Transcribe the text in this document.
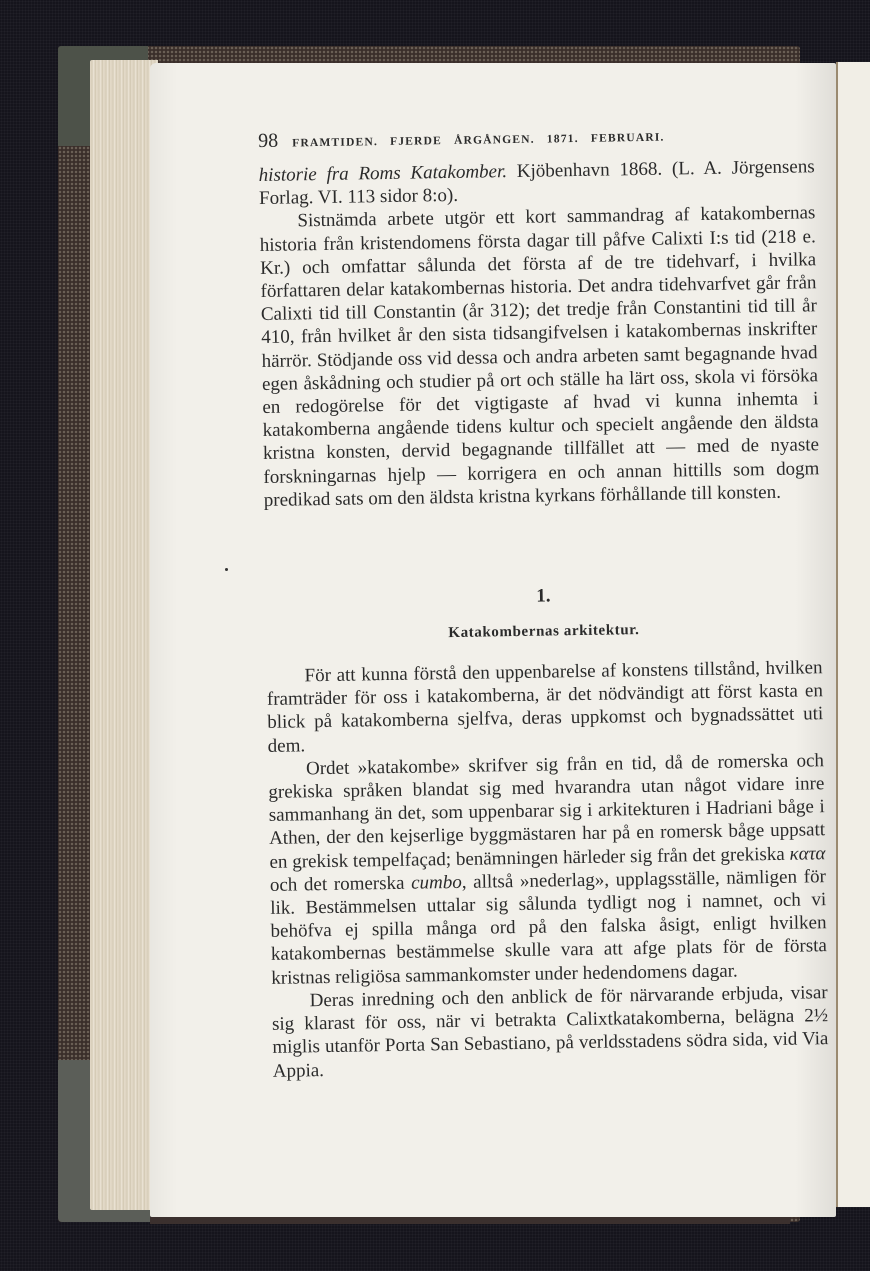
98 FRAMTIDEN. FJERDE ÅRGÅNGEN. 1871. FEBRUARI.

historie fra Roms Katakomber. Kjöbenhavn 1868. (L. A. Jörgensens Forlag. VI. 113 sidor 8:o).

Sistnämda arbete utgör ett kort sammandrag af katakombernas historia från kristendomens första dagar till påfve Calixti I:s tid (218 e. Kr.) och omfattar sålunda det första af de tre tidehvarf, i hvilka författaren delar katakombernas historia. Det andra tidehvarfvet går från Calixti tid till Constantin (år 312); det tredje från Constantini tid till år 410, från hvilket år den sista tidsangifvelsen i katakombernas inskrifter härrör. Stödjande oss vid dessa och andra arbeten samt begagnande hvad egen åskådning och studier på ort och ställe ha lärt oss, skola vi försöka en redogörelse för det vigtigaste af hvad vi kunna inhemta i katakomberna angående tidens kultur och specielt angående den äldsta kristna konsten, dervid begagnande tillfället att — med de nyaste forskningarnas hjelp — korrigera en och annan hittills som dogm predikad sats om den äldsta kristna kyrkans förhållande till konsten.

1.
Katakombernas arkitektur.

För att kunna förstå den uppenbarelse af konstens tillstånd, hvilken framträder för oss i katakomberna, är det nödvändigt att först kasta en blick på katakomberna sjelfva, deras uppkomst och bygnadssättet uti dem.

Ordet »katakombe» skrifver sig från en tid, då de romerska och grekiska språken blandat sig med hvarandra utan något vidare inre sammanhang än det, som uppenbarar sig i arkitekturen i Hadriani båge i Athen, der den kejserlige byggmästaren har på en romersk båge uppsatt en grekisk tempelfaçad; benämningen härleder sig från det grekiska κατα och det romerska cumbo, alltså »nederlag», upplagsställe, nämligen för lik. Bestämmelsen uttalar sig sålunda tydligt nog i namnet, och vi behöfva ej spilla många ord på den falska åsigt, enligt hvilken katakombernas bestämmelse skulle vara att afge plats för de första kristnas religiösa sammankomster under hedendomens dagar.

Deras inredning och den anblick de för närvarande erbjuda, visar sig klarast för oss, när vi betrakta Calixtkatakomberna, belägna 2½ miglis utanför Porta San Sebastiano, på verldsstadens södra sida, vid Via Appia.
